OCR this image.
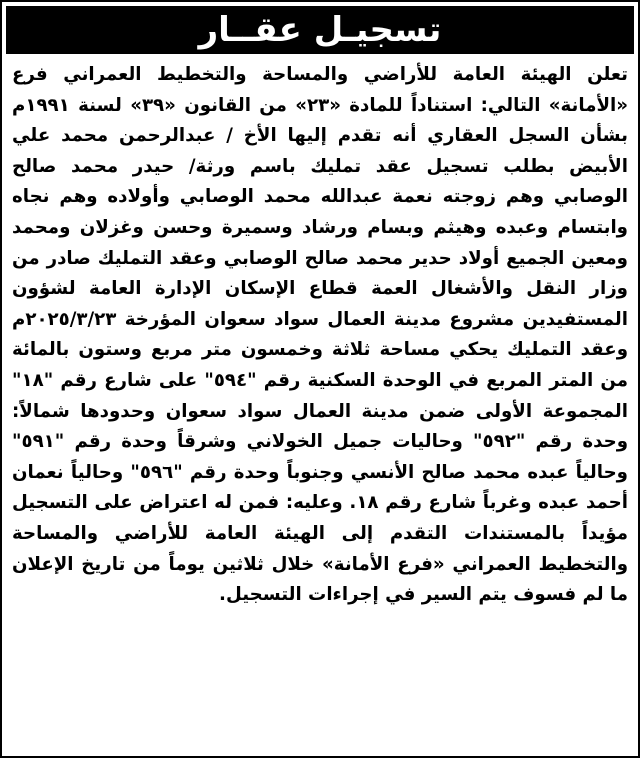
تسجيـل عقــار
تعلن الهيئة العامة للأراضي والمساحة والتخطيط العمراني فرع «الأمانة» التالي: استناداً للمادة «٢٣» من القانون «٣٩» لسنة ١٩٩١م بشأن السجل العقاري أنه تقدم إليها الأخ / عبدالرحمن محمد علي الأبيض بطلب تسجيل عقد تمليك باسم ورثة/ حيدر محمد صالح الوصابي وهم زوجته نعمة عبدالله محمد الوصابي وأولاده وهم نجاه وابتسام وعبده وهيثم وبسام ورشاد وسميرة وحسن وغزلان ومحمد ومعين الجميع أولاد حدير محمد صالح الوصابي وعقد التمليك صادر من وزار النقل والأشغال العمة قطاع الإسكان الإدارة العامة لشؤون المستفيدين مشروع مدينة العمال سواد سعوان المؤرخة ٢٠٢٥/٣/٢٣م وعقد التمليك يحكي مساحة ثلاثة وخمسون متر مربع وستون بالمائة من المتر المربع في الوحدة السكنية رقم "٥٩٤" على شارع رقم "١٨" المجموعة الأولى ضمن مدينة العمال سواد سعوان وحدودها شمالاً: وحدة رقم "٥٩٢" وحاليات جميل الخولاني وشرقاً وحدة رقم "٥٩١" وحالياً عبده محمد صالح الأنسي وجنوباً وحدة رقم "٥٩٦" وحالياً نعمان أحمد عبده وغرباً شارع رقم ١٨. وعليه: فمن له اعتراض على التسجيل مؤيداً بالمستندات التقدم إلى الهيئة العامة للأراضي والمساحة والتخطيط العمراني «فرع الأمانة» خلال ثلاثين يوماً من تاريخ الإعلان ما لم فسوف يتم السير في إجراءات التسجيل.
